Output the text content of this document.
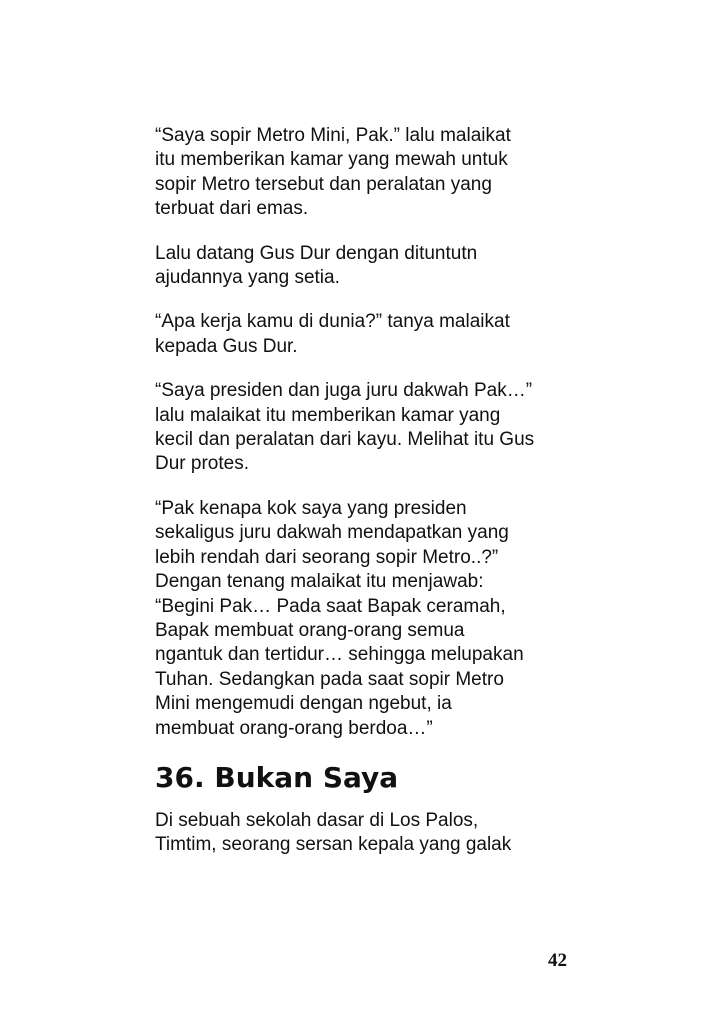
“Saya sopir Metro Mini, Pak.” lalu malaikat
itu memberikan kamar yang mewah untuk
sopir Metro tersebut dan peralatan yang
terbuat dari emas.

Lalu datang Gus Dur dengan dituntutn
ajudannya yang setia.

“Apa kerja kamu di dunia?” tanya malaikat
kepada Gus Dur.

“Saya presiden dan juga juru dakwah Pak…”
lalu malaikat itu memberikan kamar yang
kecil dan peralatan dari kayu. Melihat itu Gus
Dur protes.

“Pak kenapa kok saya yang presiden
sekaligus juru dakwah mendapatkan yang
lebih rendah dari seorang sopir Metro..?”
Dengan tenang malaikat itu menjawab:
“Begini Pak… Pada saat Bapak ceramah,
Bapak membuat orang-orang semua
ngantuk dan tertidur… sehingga melupakan
Tuhan. Sedangkan pada saat sopir Metro
Mini mengemudi dengan ngebut, ia
membuat orang-orang berdoa…”

36. Bukan Saya

Di sebuah sekolah dasar di Los Palos,
Timtim, seorang sersan kepala yang galak

42
